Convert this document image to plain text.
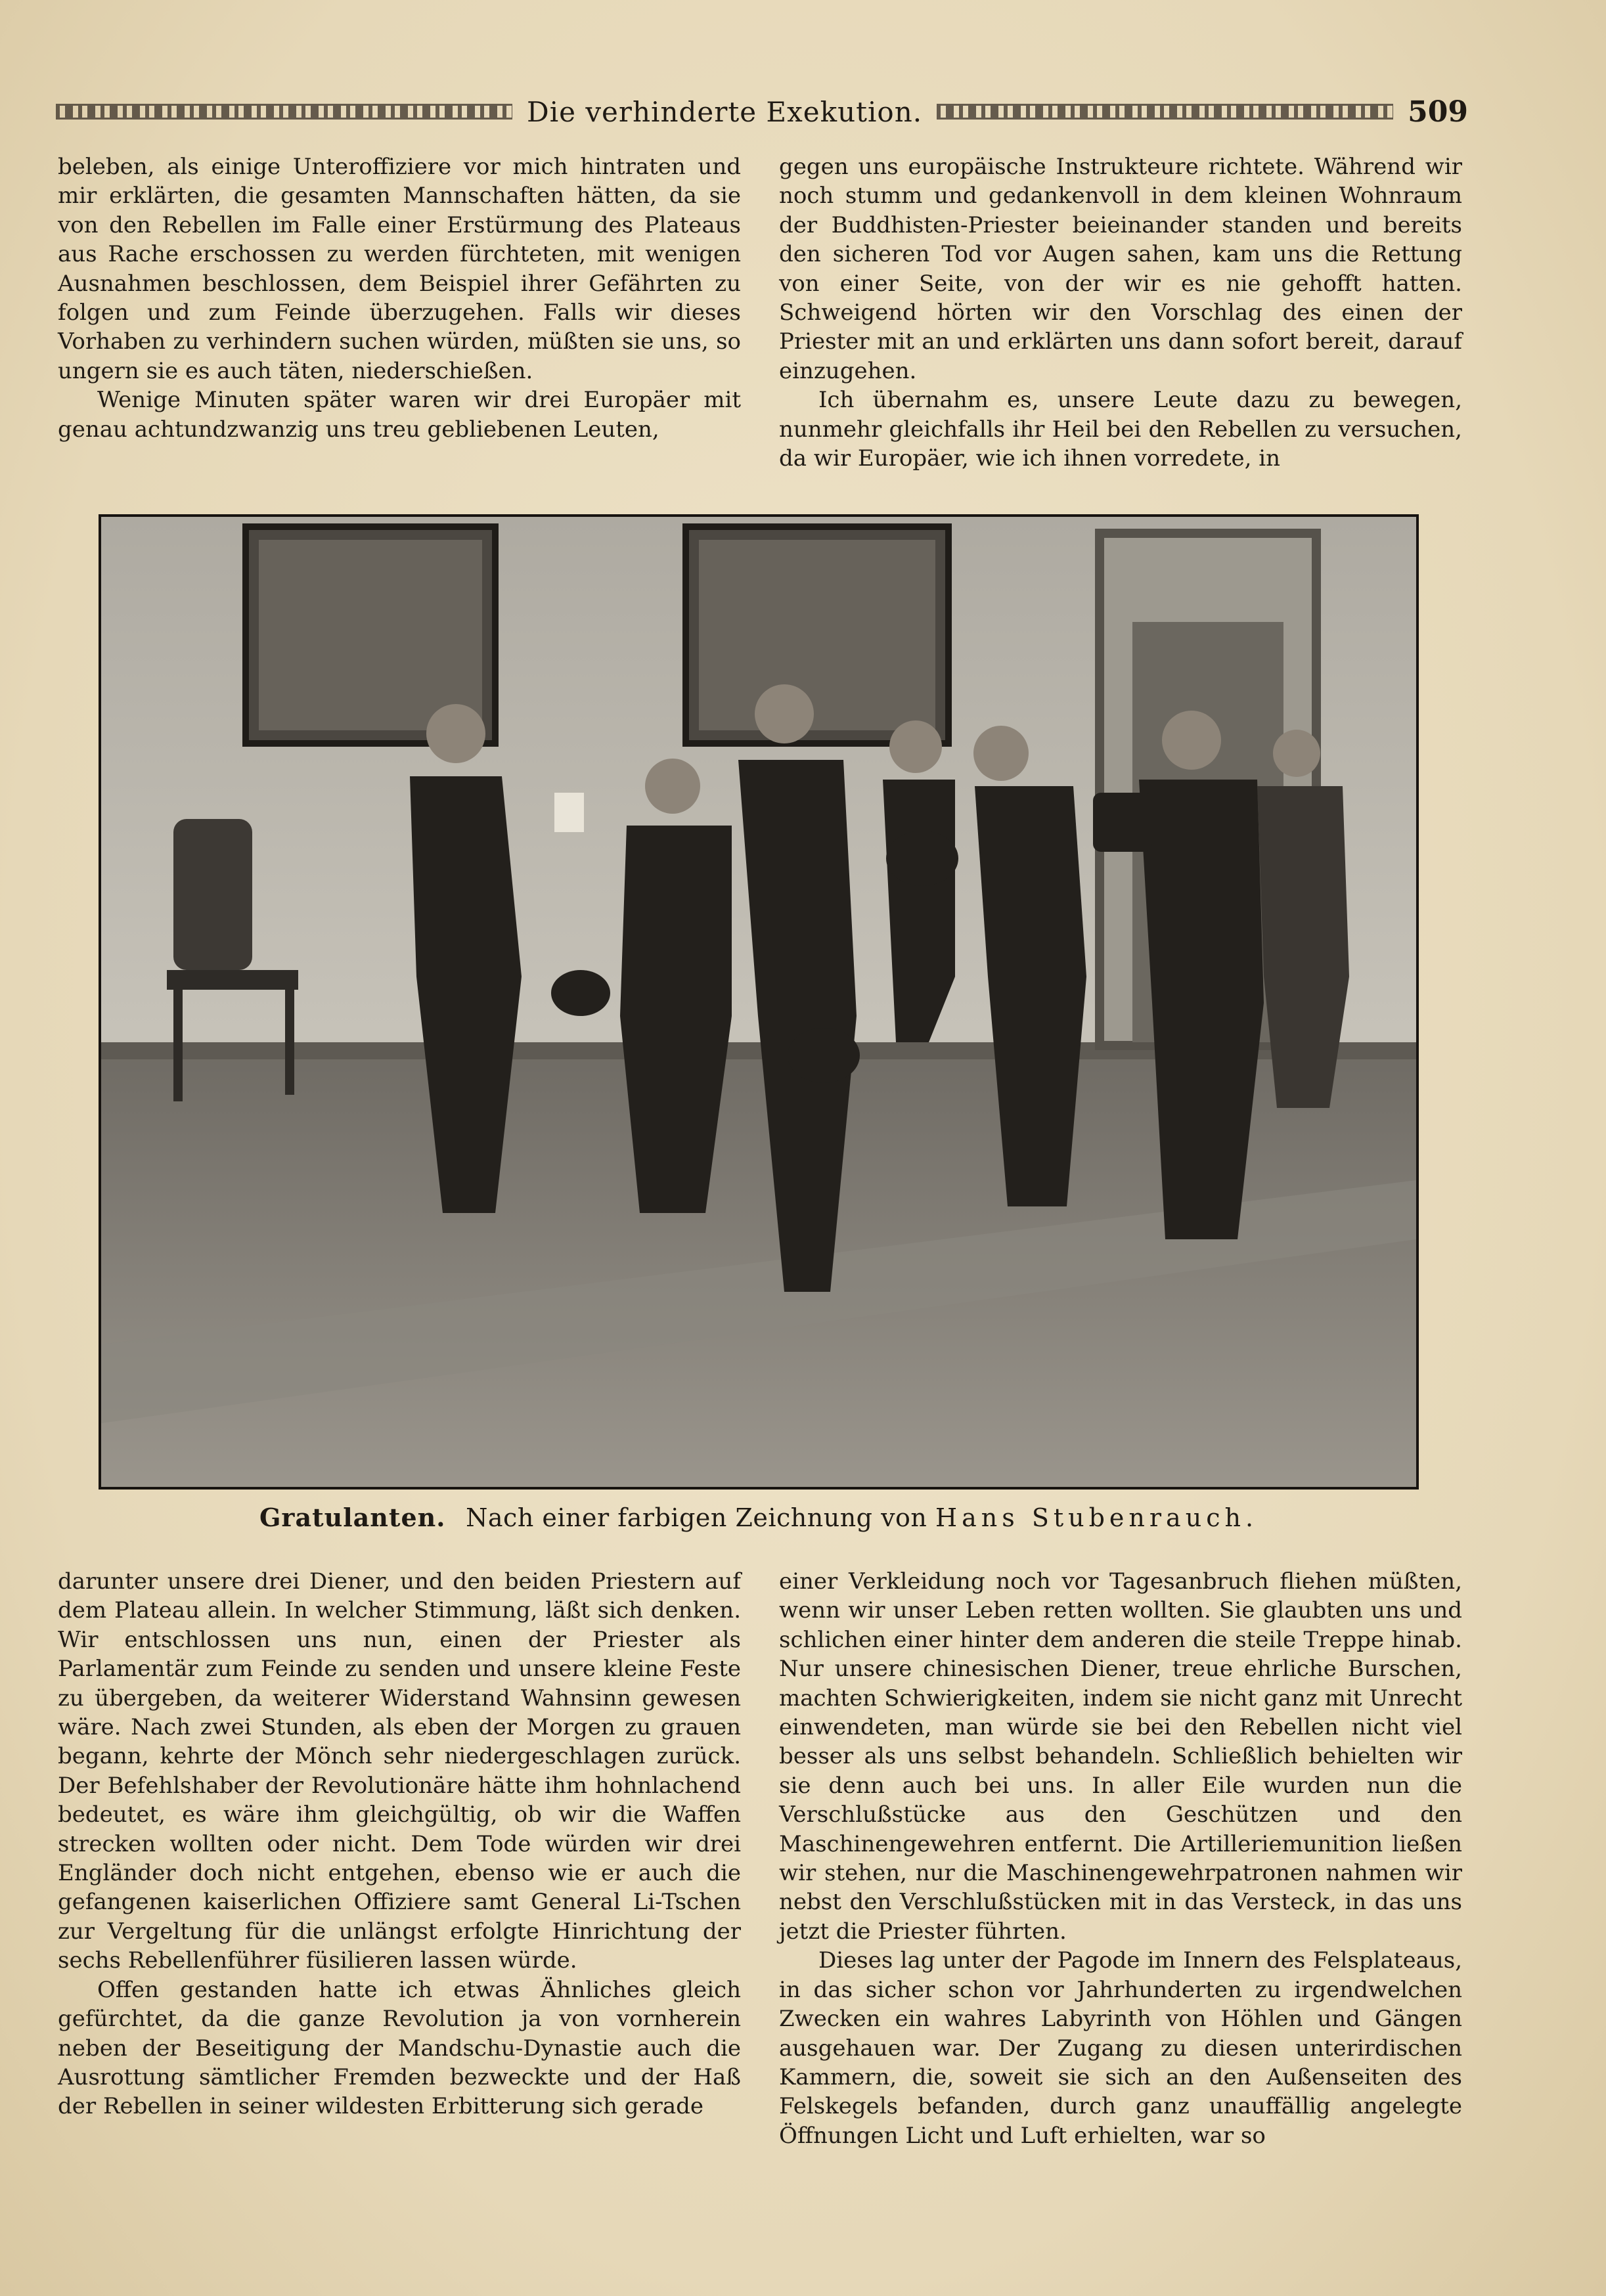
Die verhinderte Exekution.	509

beleben, als einige Unteroffiziere vor mich hintraten und mir erklärten, die gesamten Mannschaften hätten, da sie von den Rebellen im Falle einer Erstürmung des Plateaus aus Rache erschossen zu werden fürchteten, mit wenigen Ausnahmen beschlossen, dem Beispiel ihrer Gefährten zu folgen und zum Feinde überzugehen. Falls wir dieses Vorhaben zu verhindern suchen würden, müßten sie uns, so ungern sie es auch täten, niederschießen.

Wenige Minuten später waren wir drei Europäer mit genau achtundzwanzig uns treu gebliebenen Leuten,

gegen uns europäische Instrukteure richtete. Während wir noch stumm und gedankenvoll in dem kleinen Wohnraum der Buddhisten-Priester beieinander standen und bereits den sicheren Tod vor Augen sahen, kam uns die Rettung von einer Seite, von der wir es nie gehofft hatten. Schweigend hörten wir den Vorschlag des einen der Priester mit an und erklärten uns dann sofort bereit, darauf einzugehen.

Ich übernahm es, unsere Leute dazu zu bewegen, nunmehr gleichfalls ihr Heil bei den Rebellen zu versuchen, da wir Europäer, wie ich ihnen vorredete, in

Gratulanten. Nach einer farbigen Zeichnung von Hans Stubenrauch.

darunter unsere drei Diener, und den beiden Priestern auf dem Plateau allein. In welcher Stimmung, läßt sich denken. Wir entschlossen uns nun, einen der Priester als Parlamentär zum Feinde zu senden und unsere kleine Feste zu übergeben, da weiterer Widerstand Wahnsinn gewesen wäre. Nach zwei Stunden, als eben der Morgen zu grauen begann, kehrte der Mönch sehr niedergeschlagen zurück. Der Befehlshaber der Revolutionäre hätte ihm hohnlachend bedeutet, es wäre ihm gleichgültig, ob wir die Waffen strecken wollten oder nicht. Dem Tode würden wir drei Engländer doch nicht entgehen, ebenso wie er auch die gefangenen kaiserlichen Offiziere samt General Li-Tschen zur Vergeltung für die unlängst erfolgte Hinrichtung der sechs Rebellenführer füsilieren lassen würde.

Offen gestanden hatte ich etwas Ähnliches gleich gefürchtet, da die ganze Revolution ja von vornherein neben der Beseitigung der Mandschu-Dynastie auch die Ausrottung sämtlicher Fremden bezweckte und der Haß der Rebellen in seiner wildesten Erbitterung sich gerade

einer Verkleidung noch vor Tagesanbruch fliehen müßten, wenn wir unser Leben retten wollten. Sie glaubten uns und schlichen einer hinter dem anderen die steile Treppe hinab. Nur unsere chinesischen Diener, treue ehrliche Burschen, machten Schwierigkeiten, indem sie nicht ganz mit Unrecht einwendeten, man würde sie bei den Rebellen nicht viel besser als uns selbst behandeln. Schließlich behielten wir sie denn auch bei uns. In aller Eile wurden nun die Verschlußstücke aus den Geschützen und den Maschinengewehren entfernt. Die Artilleriemunition ließen wir stehen, nur die Maschinengewehrpatronen nahmen wir nebst den Verschlußstücken mit in das Versteck, in das uns jetzt die Priester führten.

Dieses lag unter der Pagode im Innern des Felsplateaus, in das sicher schon vor Jahrhunderten zu irgendwelchen Zwecken ein wahres Labyrinth von Höhlen und Gängen ausgehauen war. Der Zugang zu diesen unterirdischen Kammern, die, soweit sie sich an den Außenseiten des Felskegels befanden, durch ganz unauffällig angelegte Öffnungen Licht und Luft erhielten, war so
